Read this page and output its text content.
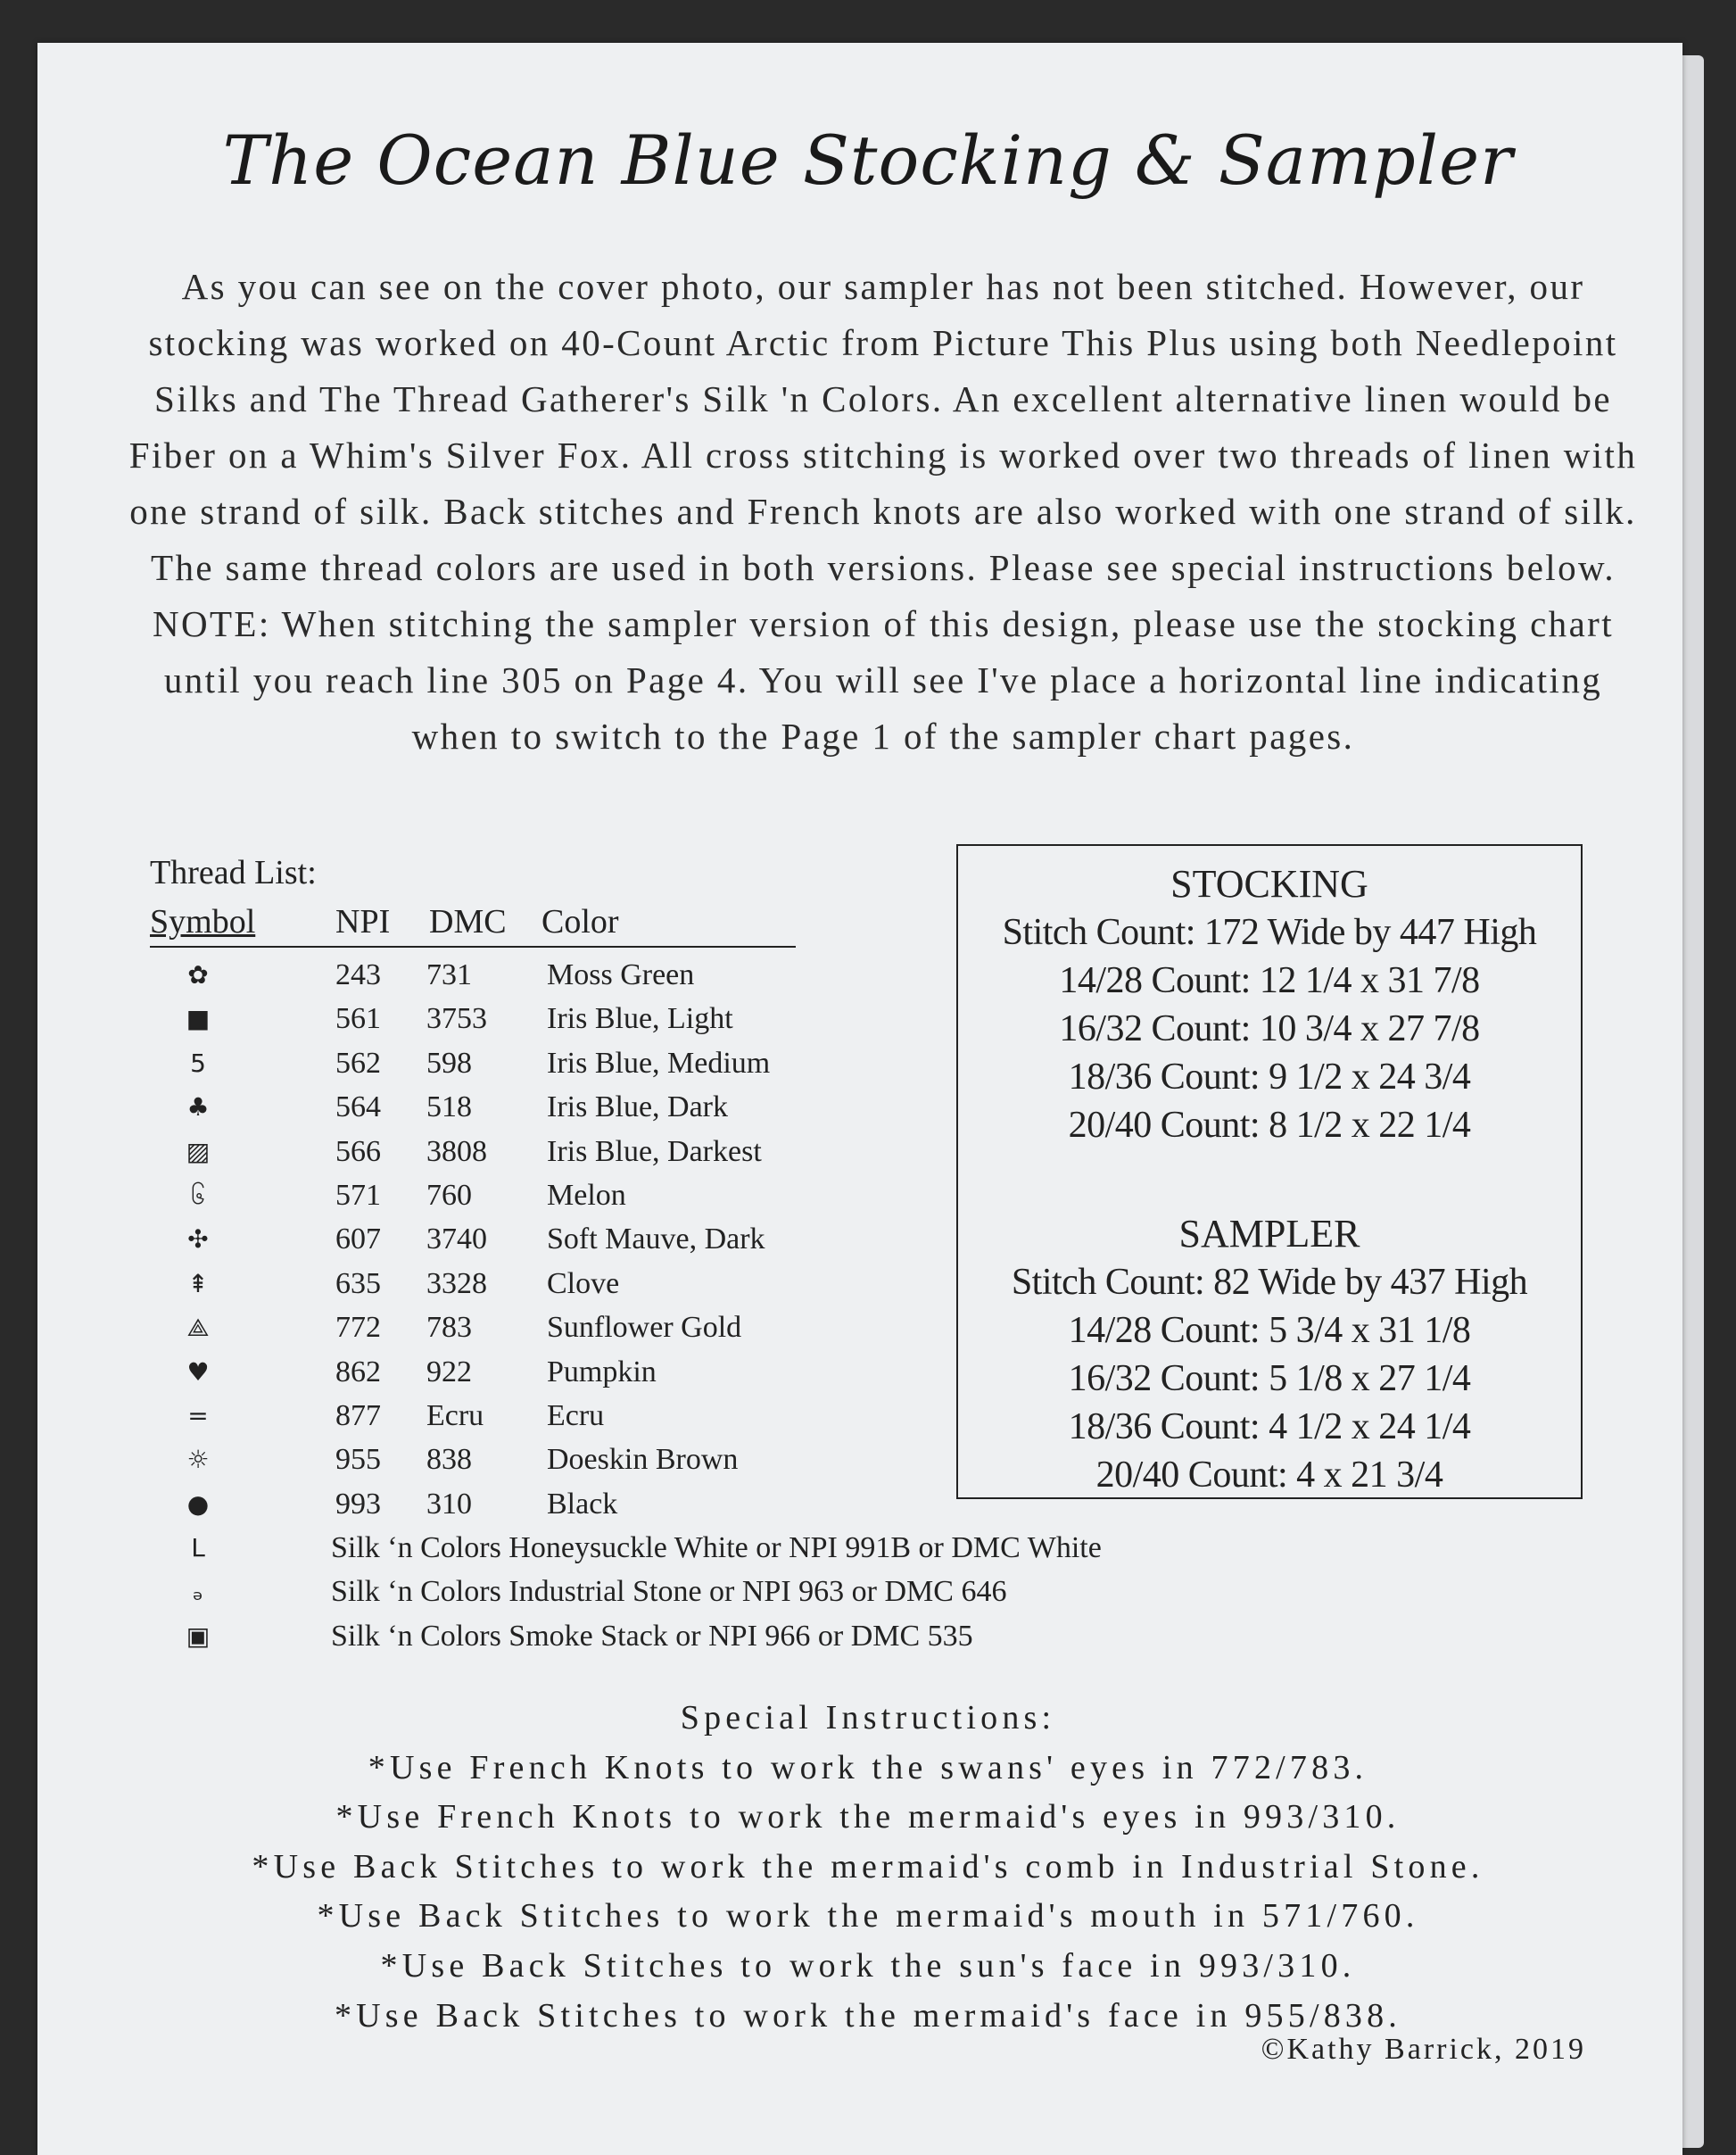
The Ocean Blue Stocking & Sampler

As you can see on the cover photo, our sampler has not been stitched. However, our stocking was worked on 40-Count Arctic from Picture This Plus using both Needlepoint Silks and The Thread Gatherer's Silk 'n Colors. An excellent alternative linen would be Fiber on a Whim's Silver Fox. All cross stitching is worked over two threads of linen with one strand of silk. Back stitches and French knots are also worked with one strand of silk. The same thread colors are used in both versions. Please see special instructions below.

NOTE: When stitching the sampler version of this design, please use the stocking chart until you reach line 305 on Page 4. You will see I've place a horizontal line indicating when to switch to the Page 1 of the sampler chart pages.

Thread List:
Symbol NPI DMC Color
✿	243 731 Moss Green
■	561 3753 Iris Blue, Light
5	562 598 Iris Blue, Medium
♣	564 518 Iris Blue, Dark
▨	566 3808 Iris Blue, Darkest
၆	571 760 Melon
✣	607 3740 Soft Mauve, Dark
⇞	635 3328 Clove
⟁	772 783 Sunflower Gold
♥	862 922 Pumpkin
=	877 Ecru Ecru
☼	955 838 Doeskin Brown
●	993 310 Black
L	Silk ‘n Colors Honeysuckle White or NPI 991B or DMC White
ₔ	Silk ‘n Colors Industrial Stone or NPI 963 or DMC 646
▣	Silk ‘n Colors Smoke Stack or NPI 966 or DMC 535
STOCKING
Stitch Count: 172 Wide by 447 High
14/28 Count: 12 1/4 x 31 7/8
16/32 Count: 10 3/4 x 27 7/8
18/36 Count: 9 1/2 x 24 3/4
20/40 Count: 8 1/2 x 22 1/4
SAMPLER
Stitch Count: 82 Wide by 437 High
14/28 Count: 5 3/4 x 31 1/8
16/32 Count: 5 1/8 x 27 1/4
18/36 Count: 4 1/2 x 24 1/4
20/40 Count: 4 x 21 3/4

Special Instructions:

*Use French Knots to work the swans' eyes in 772/783.

*Use French Knots to work the mermaid's eyes in 993/310.

*Use Back Stitches to work the mermaid's comb in Industrial Stone.

*Use Back Stitches to work the mermaid's mouth in 571/760.

*Use Back Stitches to work the sun's face in 993/310.

*Use Back Stitches to work the mermaid's face in 955/838.

©Kathy Barrick, 2019
